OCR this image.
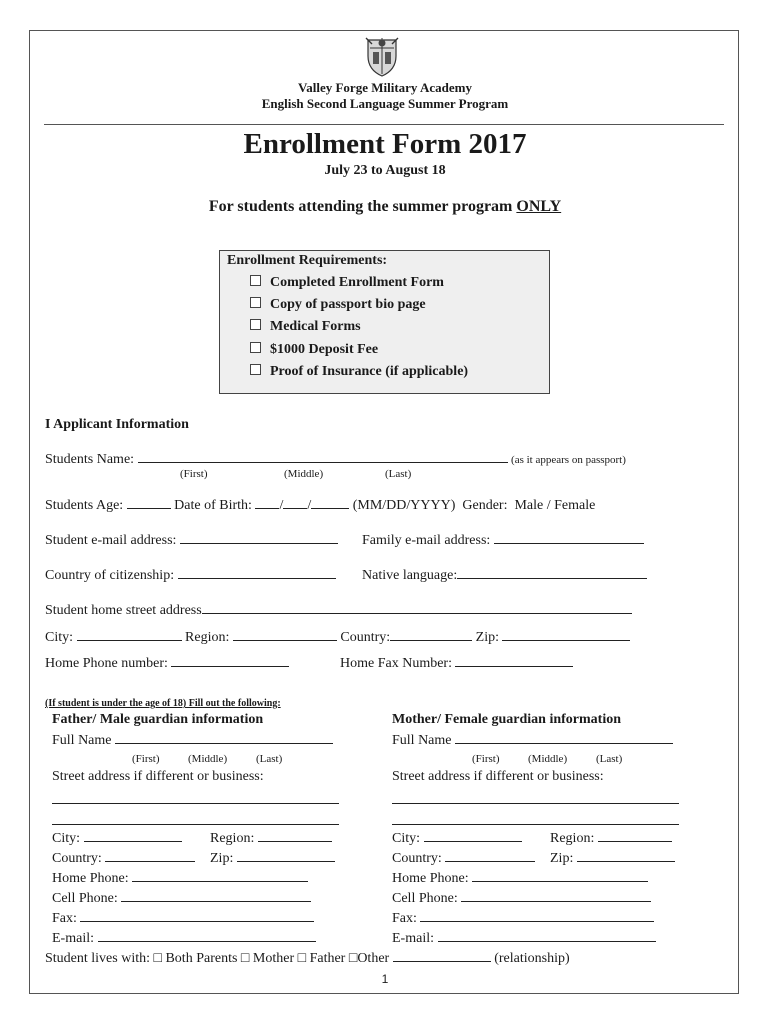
Valley Forge Military Academy
English Second Language Summer Program
Enrollment Form 2017
July 23 to August 18
For students attending the summer program ONLY
Enrollment Requirements:
Completed Enrollment Form
Copy of passport bio page
Medical Forms
$1000 Deposit Fee
Proof of Insurance (if applicable)
I Applicant Information
Students Name:	(as it appears on passport)
(First)	(Middle)	(Last)
Students Age:	Date of Birth: / /	(MM/DD/YYYY) Gender: Male / Female
Student e-mail address:	Family e-mail address:
Country of citizenship:	Native language:
Student home street address
City:	Region:	Country:	Zip:
Home Phone number:	Home Fax Number:
(If student is under the age of 18) Fill out the following:
Father/ Male guardian information
Full Name
(First)	(Middle)	(Last)
Street address if different or business:
City:	Region:
Country:	Zip:
Home Phone:
Cell Phone:
Fax:
E-mail:
Mother/ Female guardian information
Full Name
(First)	(Middle)	(Last)
Street address if different or business:
City:	Region:
Country:	Zip:
Home Phone:
Cell Phone:
Fax:
E-mail:
Student lives with: □ Both Parents □ Mother □ Father □Other	(relationship)
1
